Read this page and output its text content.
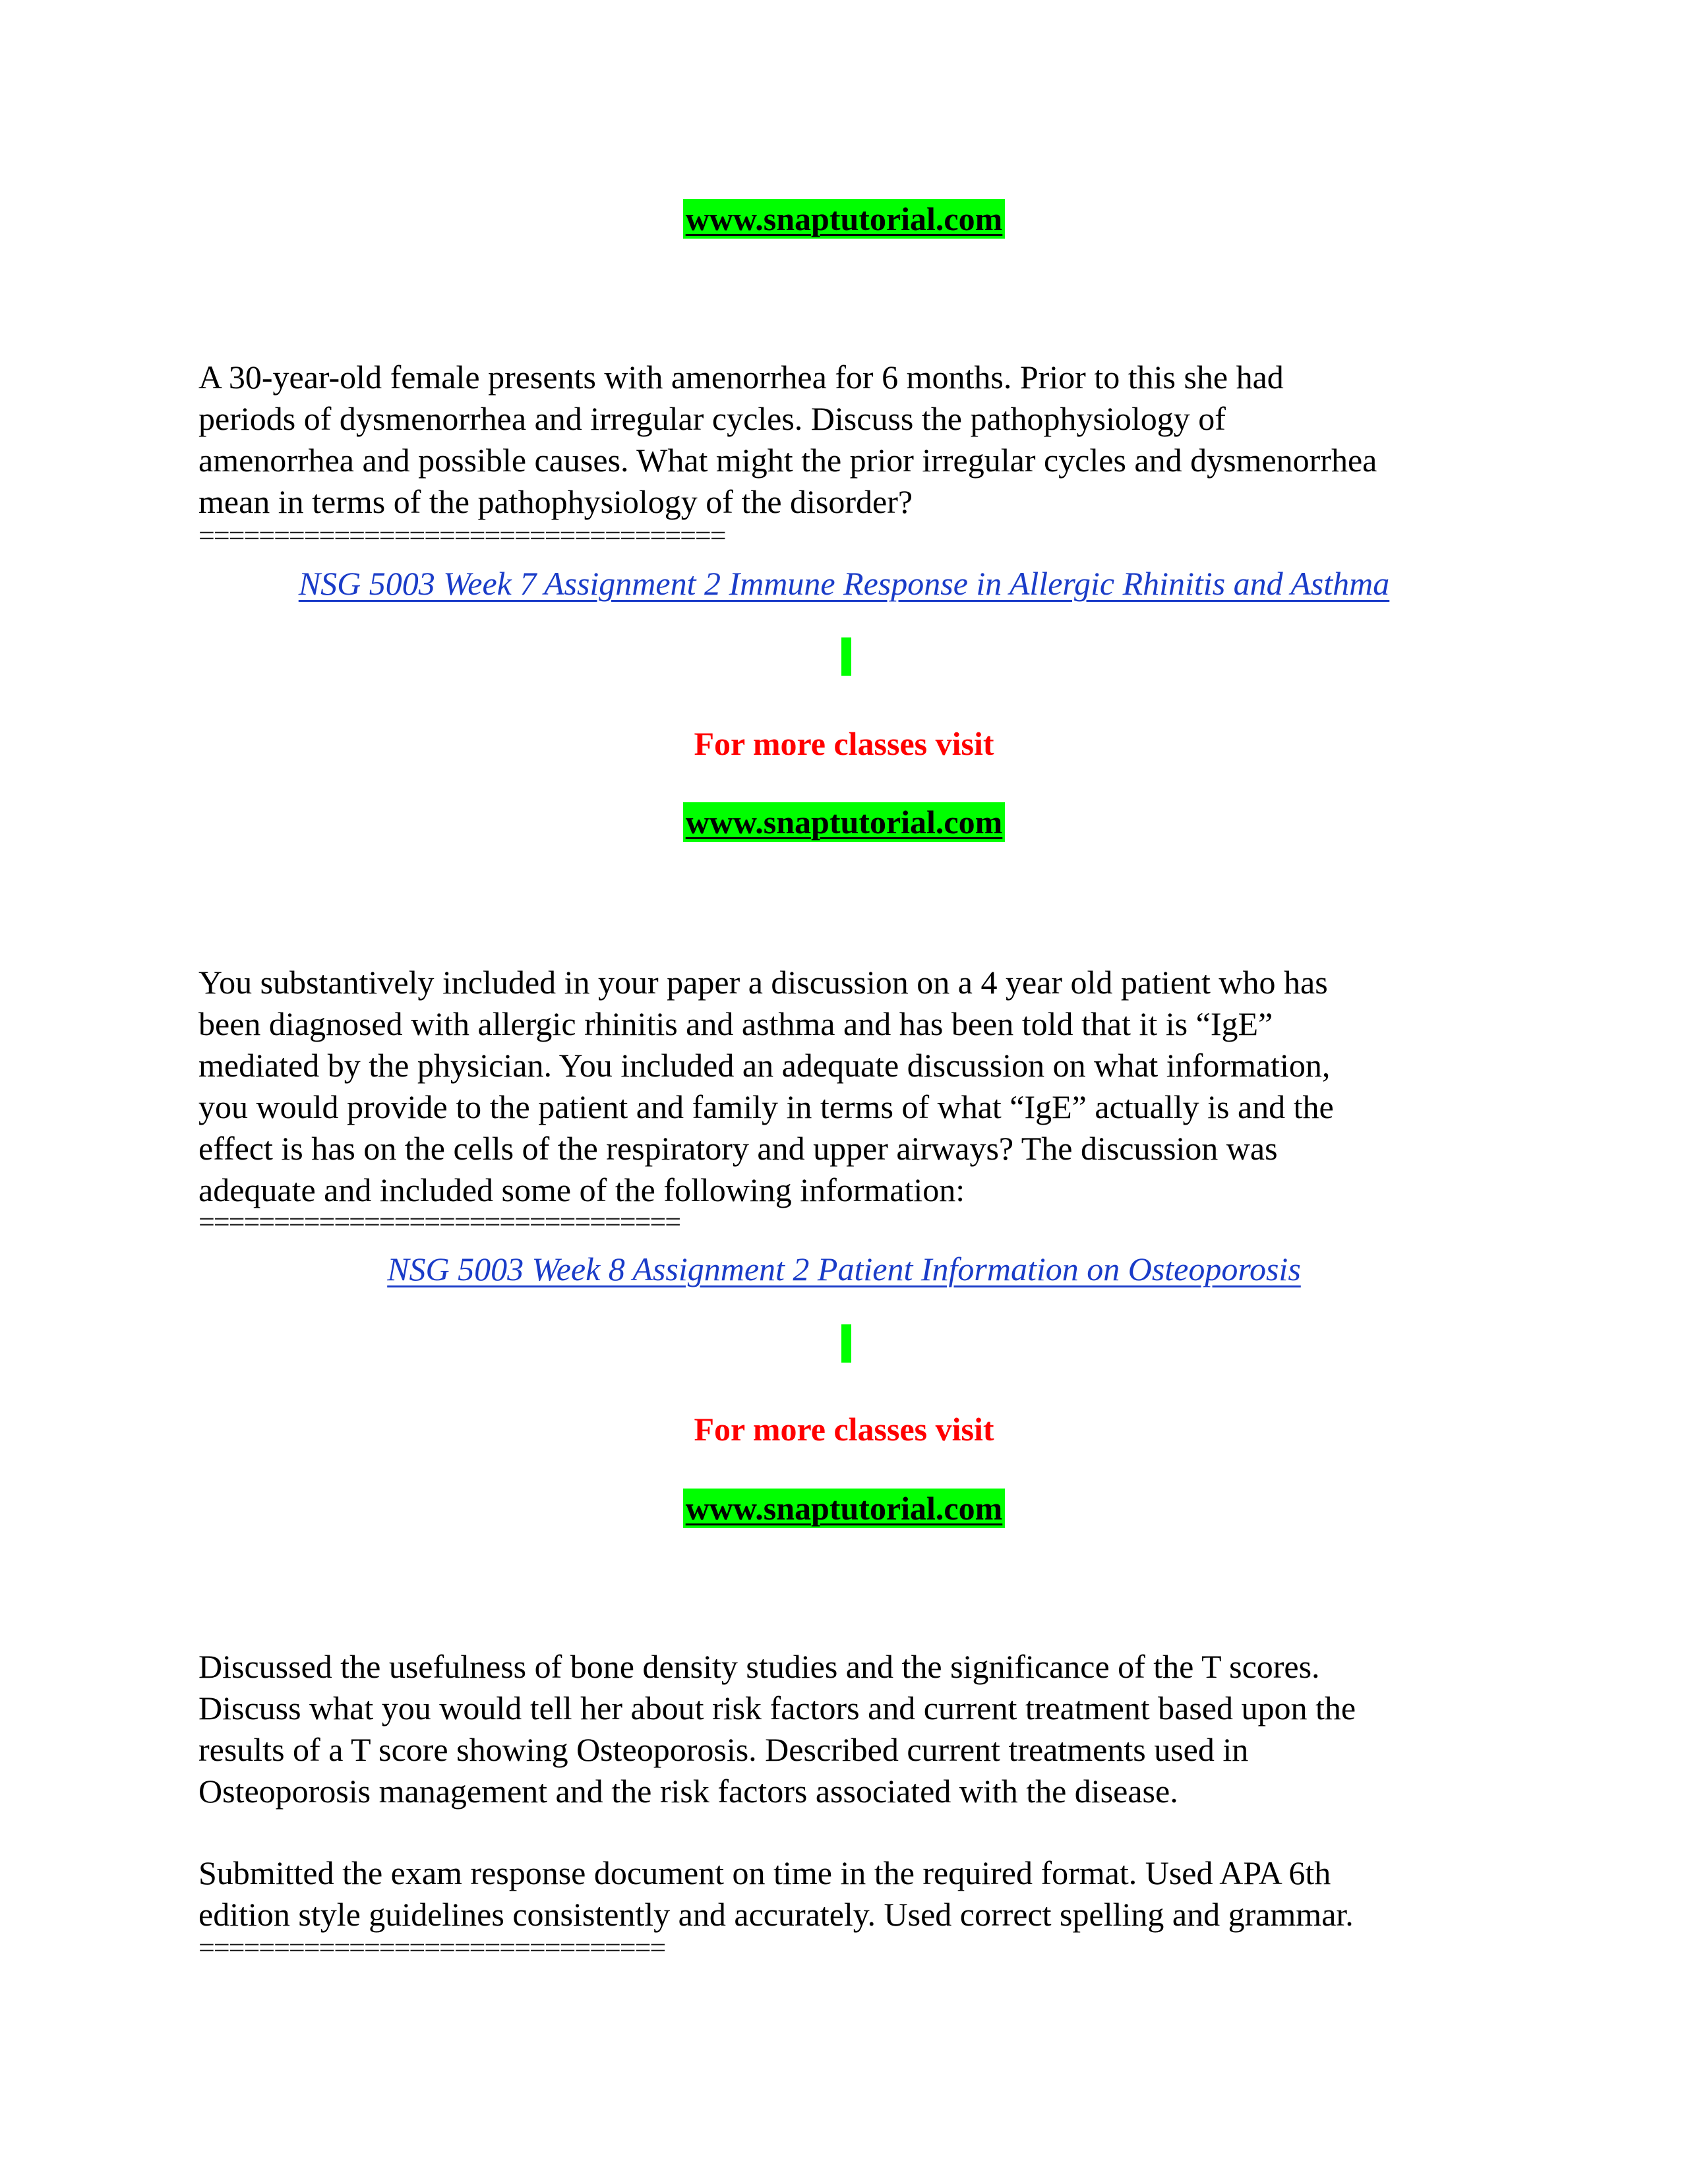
www.snaptutorial.com
A 30-year-old female presents with amenorrhea for 6 months. Prior to this she had
periods of dysmenorrhea and irregular cycles. Discuss the pathophysiology of
amenorrhea and possible causes. What might the prior irregular cycles and dysmenorrhea
mean in terms of the pathophysiology of the disorder?
===================================
NSG 5003 Week 7 Assignment 2 Immune Response in Allergic Rhinitis and Asthma
For more classes visit
www.snaptutorial.com
You substantively included in your paper a discussion on a 4 year old patient who has
been diagnosed with allergic rhinitis and asthma and has been told that it is “IgE”
mediated by the physician. You included an adequate discussion on what information,
you would provide to the patient and family in terms of what “IgE” actually is and the
effect is has on the cells of the respiratory and upper airways? The discussion was
adequate and included some of the following information:
================================
NSG 5003 Week 8 Assignment 2 Patient Information on Osteoporosis
For more classes visit
www.snaptutorial.com
Discussed the usefulness of bone density studies and the significance of the T scores.
Discuss what you would tell her about risk factors and current treatment based upon the
results of a T score showing Osteoporosis. Described current treatments used in
Osteoporosis management and the risk factors associated with the disease.
Submitted the exam response document on time in the required format. Used APA 6th
edition style guidelines consistently and accurately. Used correct spelling and grammar.
===============================
